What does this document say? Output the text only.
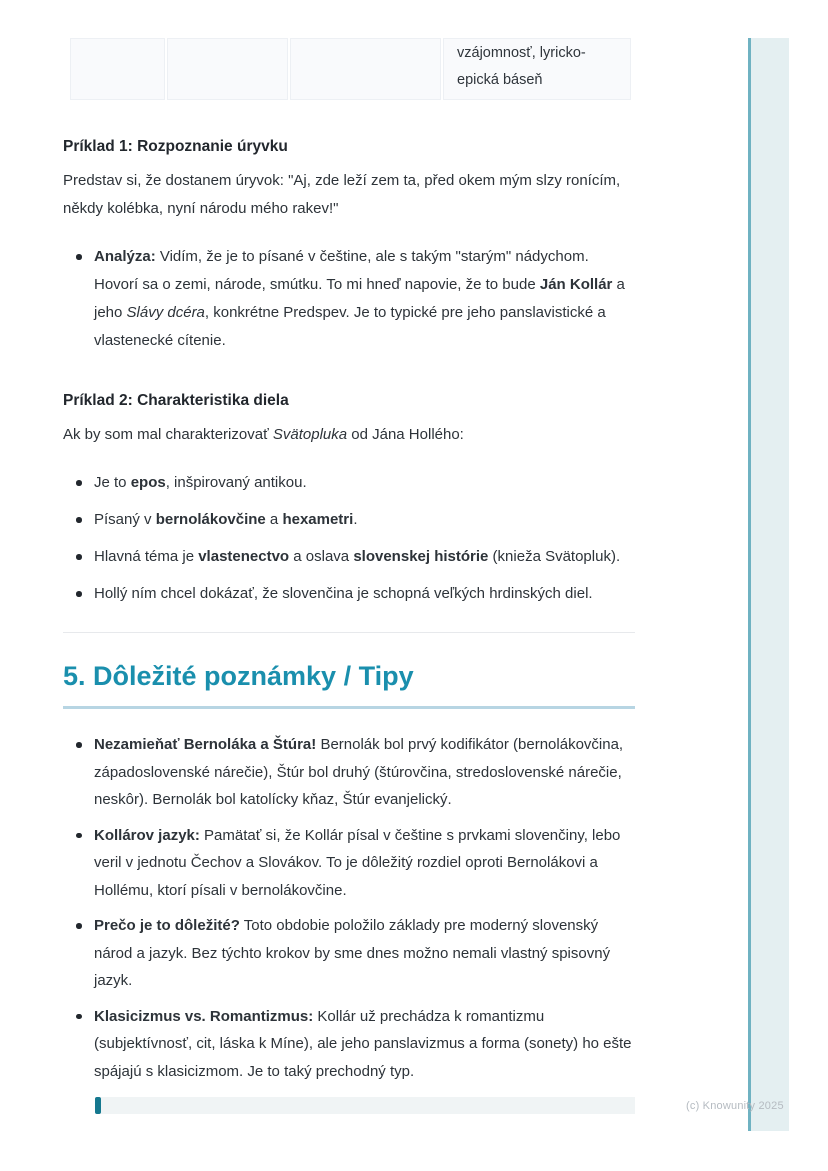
vzájomnosť, lyricko-epická báseň
Príklad 1: Rozpoznanie úryvku

Predstav si, že dostanem úryvok: "Aj, zde leží zem ta, před okem mým slzy ronícím, někdy kolébka, nyní národu mého rakev!"

Analýza: Vidím, že je to písané v češtine, ale s takým "starým" nádychom. Hovorí sa o zemi, národe, smútku. To mi hneď napovie, že to bude Ján Kollár a jeho Slávy dcéra, konkrétne Predspev. Je to typické pre jeho panslavistické a vlastenecké cítenie.
Príklad 2: Charakteristika diela

Ak by som mal charakterizovať Svätopluka od Jána Hollého:

Je to epos, inšpirovaný antikou.
Písaný v bernolákovčine a hexametri.
Hlavná téma je vlastenectvo a oslava slovenskej histórie (knieža Svätopluk).
Hollý ním chcel dokázať, že slovenčina je schopná veľkých hrdinských diel.
5. Dôležité poznámky / Tipy
Nezamieňať Bernoláka a Štúra! Bernolák bol prvý kodifikátor (bernolákovčina, západoslovenské nárečie), Štúr bol druhý (štúrovčina, stredoslovenské nárečie, neskôr). Bernolák bol katolícky kňaz, Štúr evanjelický.
Kollárov jazyk: Pamätať si, že Kollár písal v češtine s prvkami slovenčiny, lebo veril v jednotu Čechov a Slovákov. To je dôležitý rozdiel oproti Bernolákovi a Hollému, ktorí písali v bernolákovčine.
Prečo je to dôležité? Toto obdobie položilo základy pre moderný slovenský národ a jazyk. Bez týchto krokov by sme dnes možno nemali vlastný spisovný jazyk.
Klasicizmus vs. Romantizmus: Kollár už prechádza k romantizmu (subjektívnosť, cit, láska k Míne), ale jeho panslavizmus a forma (sonety) ho ešte spájajú s klasicizmom. Je to taký prechodný typ.
(c) Knowunity 2025
